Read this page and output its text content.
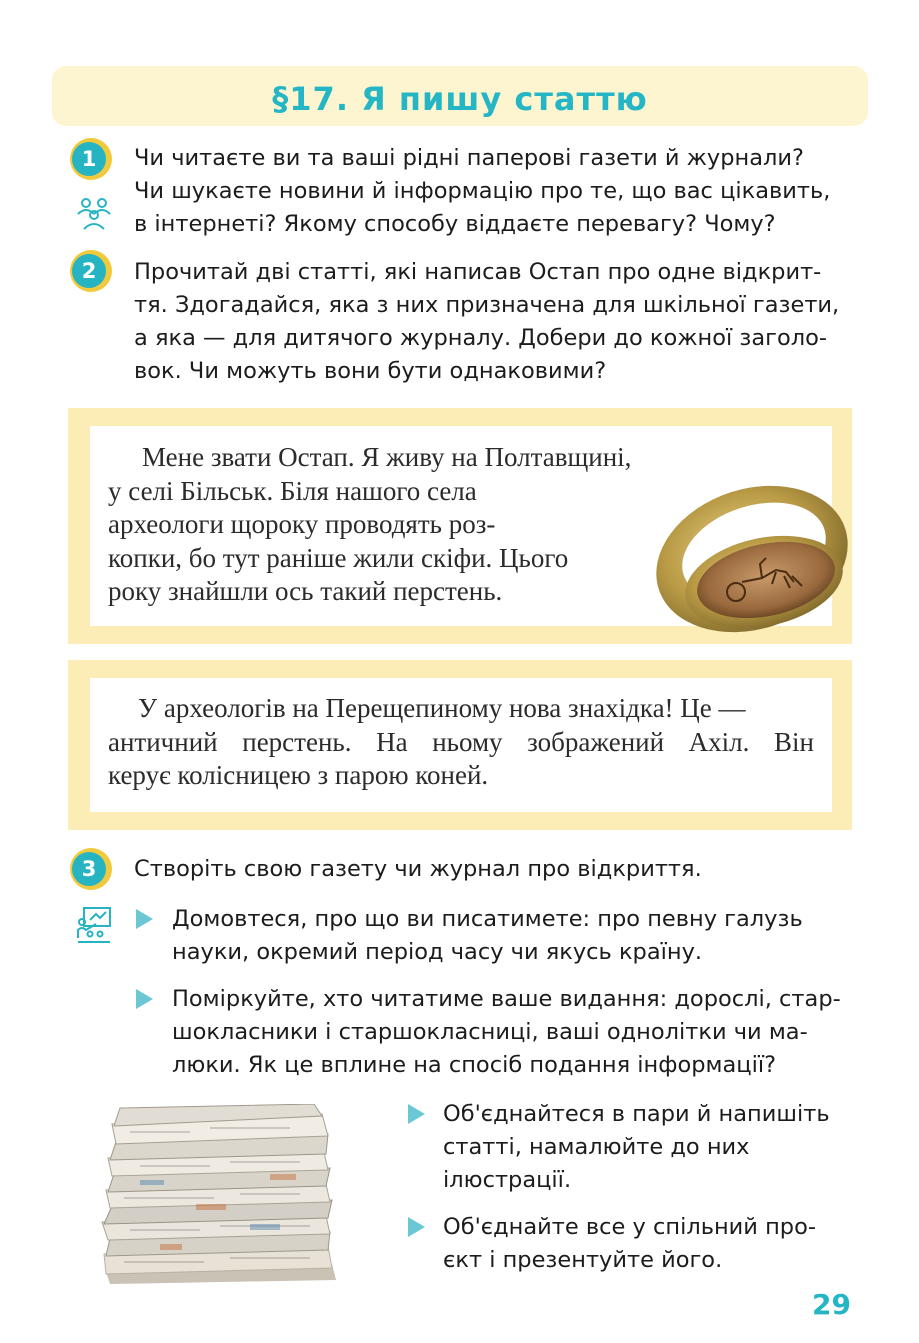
§17. Я пишу статтю
1	Чи читаєте ви та ваші рідні паперові газети й журнали?

Чи шукаєте новини й інформацію про те, що вас цікавить,

в інтернеті? Якому способу віддаєте перевагу? Чому?

2	Прочитай дві статті, які написав Остап про одне відкрит-

тя. Здогадайся, яка з них призначена для шкільної газети,

а яка — для дитячого журналу. Добери до кожної заголо-

вок. Чи можуть вони бути однаковими?

Мене звати Остап. Я живу на Полтавщині,

у селі Більськ. Біля нашого села

археологи щороку проводять роз-

копки, бо тут раніше жили скіфи. Цього

року знайшли ось такий перстень.

У археологів на Перещепиному нова знахідка! Це —

античний перстень. На ньому зображений Ахіл. Він

керує колісницею з парою коней.

3	Створіть свою газету чи журнал про відкриття.

Домовтеся, про що ви писатимете: про певну галузь

науки, окремий період часу чи якусь країну.

Поміркуйте, хто читатиме ваше видання: дорослі, стар-

шокласники і старшокласниці, ваші однолітки чи ма-

люки. Як це вплине на спосіб подання інформації?

Об'єднайтеся в пари й напишіть

статті, намалюйте до них

ілюстрації.

Об'єднайте все у спільний про-

єкт і презентуйте його.

29
